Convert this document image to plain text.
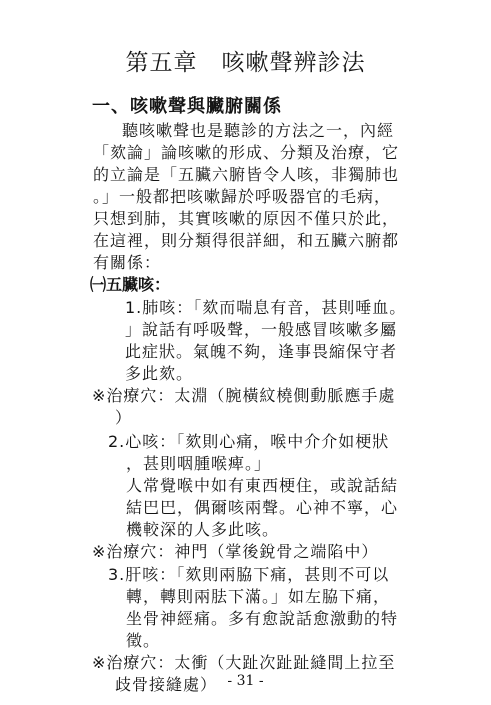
第五章　咳嗽聲辨診法
一、咳嗽聲與臟腑關係
聽咳嗽聲也是聽診的方法之一，內經
「欬論」論咳嗽的形成、分類及治療，它
的立論是「五臟六腑皆令人咳，非獨肺也
。」一般都把咳嗽歸於呼吸器官的毛病，
只想到肺，其實咳嗽的原因不僅只於此，
在這裡，則分類得很詳細，和五臟六腑都
有關係：
㈠五臟咳：
1.肺咳：「欬而喘息有音，甚則唾血。
」說話有呼吸聲，一般感冒咳嗽多屬
此症狀。氣魄不夠，逢事畏縮保守者
多此欬。
※治療穴：太淵（腕橫紋橈側動脈應手處
）
2.心咳：「欬則心痛，喉中介介如梗狀
，甚則咽腫喉痺。」
人常覺喉中如有東西梗住，或說話結
結巴巴，偶爾咳兩聲。心神不寧，心
機較深的人多此咳。
※治療穴：神門（掌後銳骨之端陷中）
3.肝咳：「欬則兩脇下痛，甚則不可以
轉，轉則兩胠下滿。」如左脇下痛，
坐骨神經痛。多有愈說話愈激動的特
徵。
※治療穴：太衝（大趾次趾趾縫間上拉至
歧骨接縫處） - 31 -
